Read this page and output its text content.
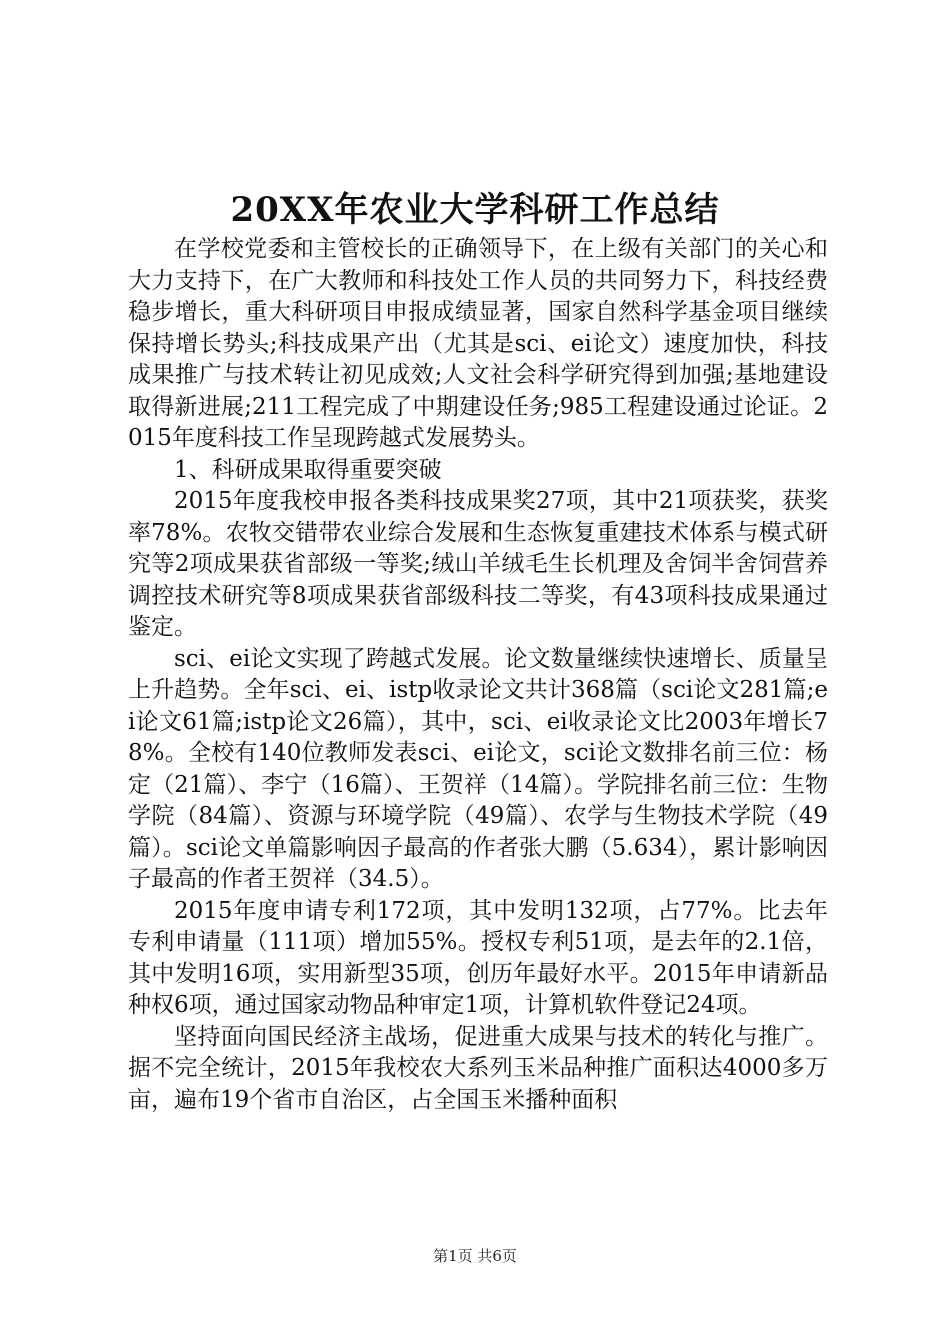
20XX年农业大学科研工作总结

在学校党委和主管校长的正确领导下，在上级有关部门的关心和大力支持下，在广大教师和科技处工作人员的共同努力下，科技经费稳步增长，重大科研项目申报成绩显著，国家自然科学基金项目继续保持增长势头;科技成果产出（尤其是sci、ei论文）速度加快，科技成果推广与技术转让初见成效;人文社会科学研究得到加强;基地建设取得新进展;211工程完成了中期建设任务;985工程建设通过论证。2015年度科技工作呈现跨越式发展势头。

1、科研成果取得重要突破

2015年度我校申报各类科技成果奖27项，其中21项获奖，获奖率78%。农牧交错带农业综合发展和生态恢复重建技术体系与模式研究等2项成果获省部级一等奖;绒山羊绒毛生长机理及舍饲半舍饲营养调控技术研究等8项成果获省部级科技二等奖，有43项科技成果通过鉴定。

sci、ei论文实现了跨越式发展。论文数量继续快速增长、质量呈上升趋势。全年sci、ei、istp收录论文共计368篇（sci论文281篇;ei论文61篇;istp论文26篇），其中，sci、ei收录论文比2003年增长78%。全校有140位教师发表sci、ei论文，sci论文数排名前三位：杨定（21篇）、李宁（16篇）、王贺祥（14篇）。学院排名前三位：生物学院（84篇）、资源与环境学院（49篇）、农学与生物技术学院（49篇）。sci论文单篇影响因子最高的作者张大鹏（5.634），累计影响因子最高的作者王贺祥（34.5）。

2015年度申请专利172项，其中发明132项，占77%。比去年专利申请量（111项）增加55%。授权专利51项，是去年的2.1倍，其中发明16项，实用新型35项，创历年最好水平。2015年申请新品种权6项，通过国家动物品种审定1项，计算机软件登记24项。

坚持面向国民经济主战场，促进重大成果与技术的转化与推广。据不完全统计，2015年我校农大系列玉米品种推广面积达4000多万亩，遍布19个省市自治区，占全国玉米播种面积

第1页 共6页
